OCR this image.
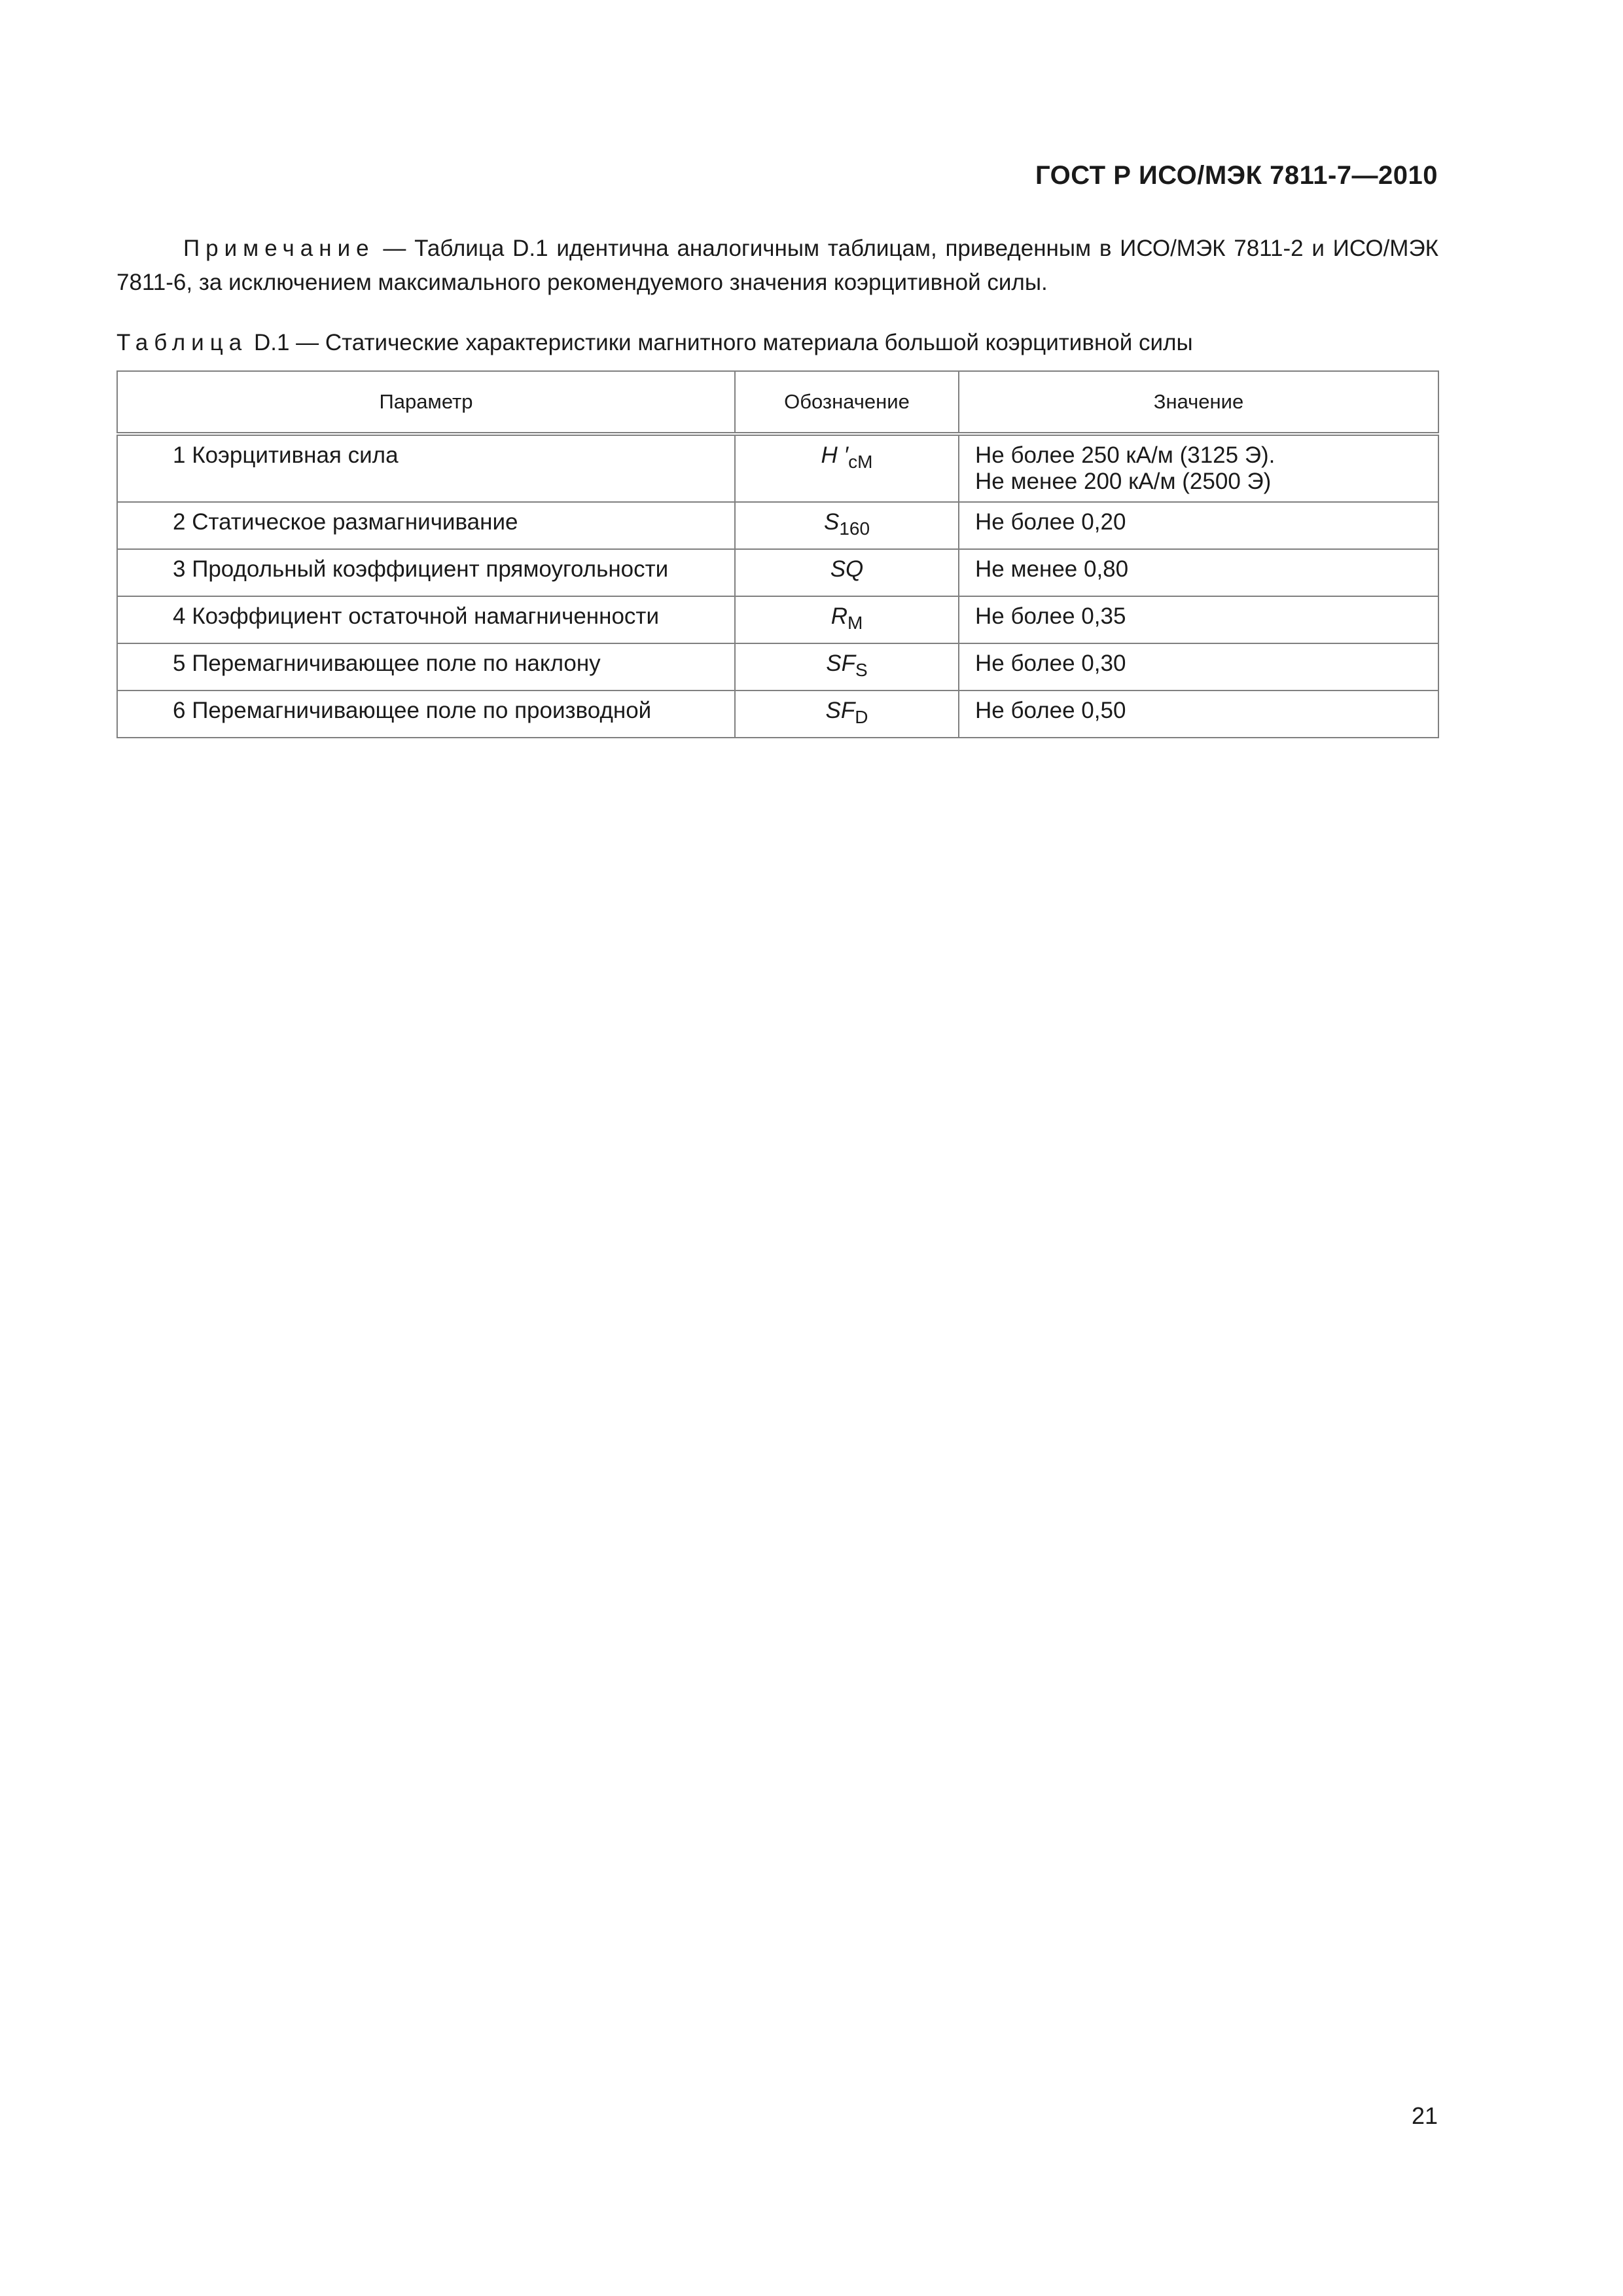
ГОСТ Р ИСО/МЭК 7811-7—2010
Примечание — Таблица D.1 идентична аналогичным таблицам, приведенным в ИСО/МЭК 7811-2 и ИСО/МЭК 7811-6, за исключением максимального рекомендуемого значения коэрцитивной силы.
Таблица D.1 — Статические характеристики магнитного материала большой коэрцитивной силы
Параметр	Обозначение	Значение
1 Коэрцитивная сила	H $'_{сМ}$	Не более 250 кА/м (3125 Э).
Не менее 200 кА/м (2500 Э)

2 Статическое размагничивание	$S_{160}$	Не более 0,20
3 Продольный коэффициент прямоугольности	SQ	Не менее 0,80
4 Коэффициент остаточной намагниченности	$R_М$	Не более 0,35
5 Перемагничивающее поле по наклону	$SF_S$	Не более 0,30
6 Перемагничивающее поле по производной	$SF_D$	Не более 0,50
21
